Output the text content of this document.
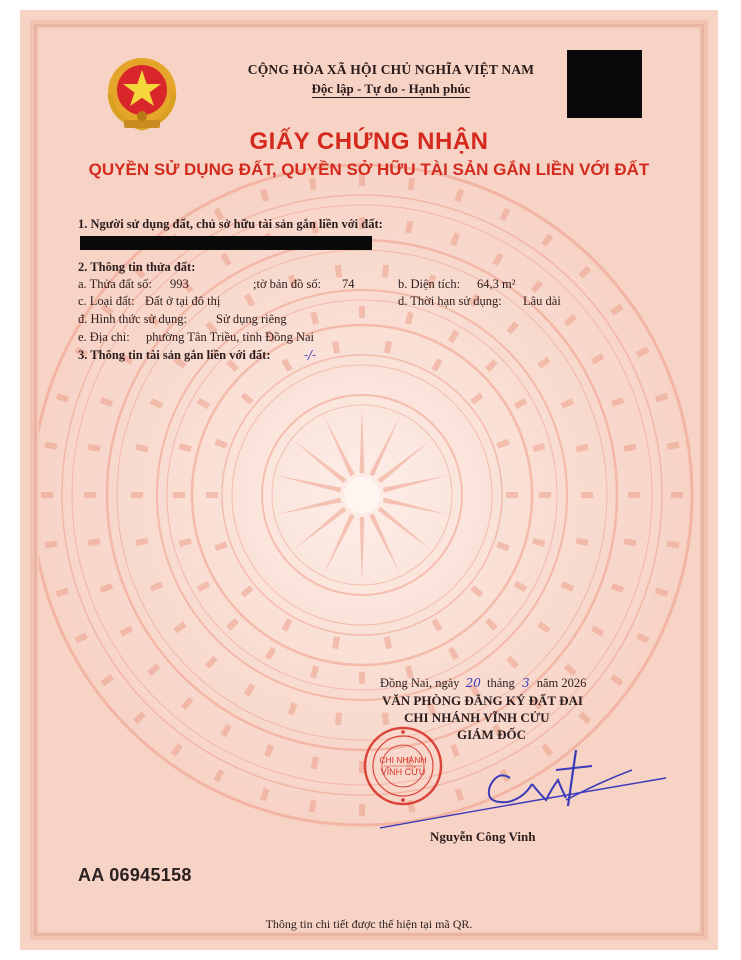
CỘNG HÒA XÃ HỘI CHỦ NGHĨA VIỆT NAM
Độc lập - Tự do - Hạnh phúc
GIẤY CHỨNG NHẬN
QUYỀN SỬ DỤNG ĐẤT, QUYỀN SỞ HỮU TÀI SẢN GẮN LIỀN VỚI ĐẤT
1. Người sử dụng đất, chủ sở hữu tài sản gắn liền với đất:
2. Thông tin thửa đất:
a. Thửa đất số: 993	;tờ bản đồ số: 74	b. Diện tích: 64,3 m²
c. Loại đất: Đất ở tại đô thị	d. Thời hạn sử dụng: Lâu dài
đ. Hình thức sử dụng: Sử dụng riêng
e. Địa chỉ: phường Tân Triều, tỉnh Đồng Nai
3. Thông tin tài sản gắn liền với đất:	-/-
Đồng Nai, ngày 20 tháng 3 năm 2026
VĂN PHÒNG ĐĂNG KÝ ĐẤT ĐAI
CHI NHÁNH VĨNH CỬU
GIÁM ĐỐC
CHI NHÁNH
VĨNH CỬU
Nguyễn Công Vinh
AA 06945158
Thông tin chi tiết được thể hiện tại mã QR.
